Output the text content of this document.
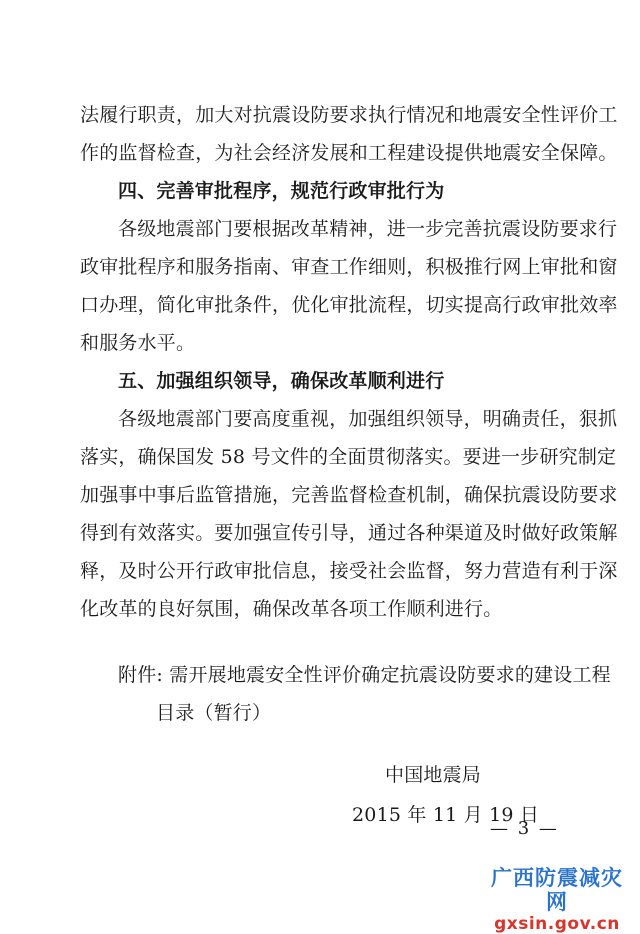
法履行职责，加大对抗震设防要求执行情况和地震安全性评价工
作的监督检查，为社会经济发展和工程建设提供地震安全保障。
四、完善审批程序，规范行政审批行为
各级地震部门要根据改革精神，进一步完善抗震设防要求行
政审批程序和服务指南、审查工作细则，积极推行网上审批和窗
口办理，简化审批条件，优化审批流程，切实提高行政审批效率
和服务水平。
五、加强组织领导，确保改革顺利进行
各级地震部门要高度重视，加强组织领导，明确责任，狠抓
落实，确保国发 58 号文件的全面贯彻落实。要进一步研究制定
加强事中事后监管措施，完善监督检查机制，确保抗震设防要求
得到有效落实。要加强宣传引导，通过各种渠道及时做好政策解
释，及时公开行政审批信息，接受社会监督，努力营造有利于深
化改革的良好氛围，确保改革各项工作顺利进行。
附件: 需开展地震安全性评价确定抗震设防要求的建设工程
目录（暂行）
中国地震局
2015 年 11 月 19 日
— 3 —
广西防震减灾网
gxsin.gov.cn
